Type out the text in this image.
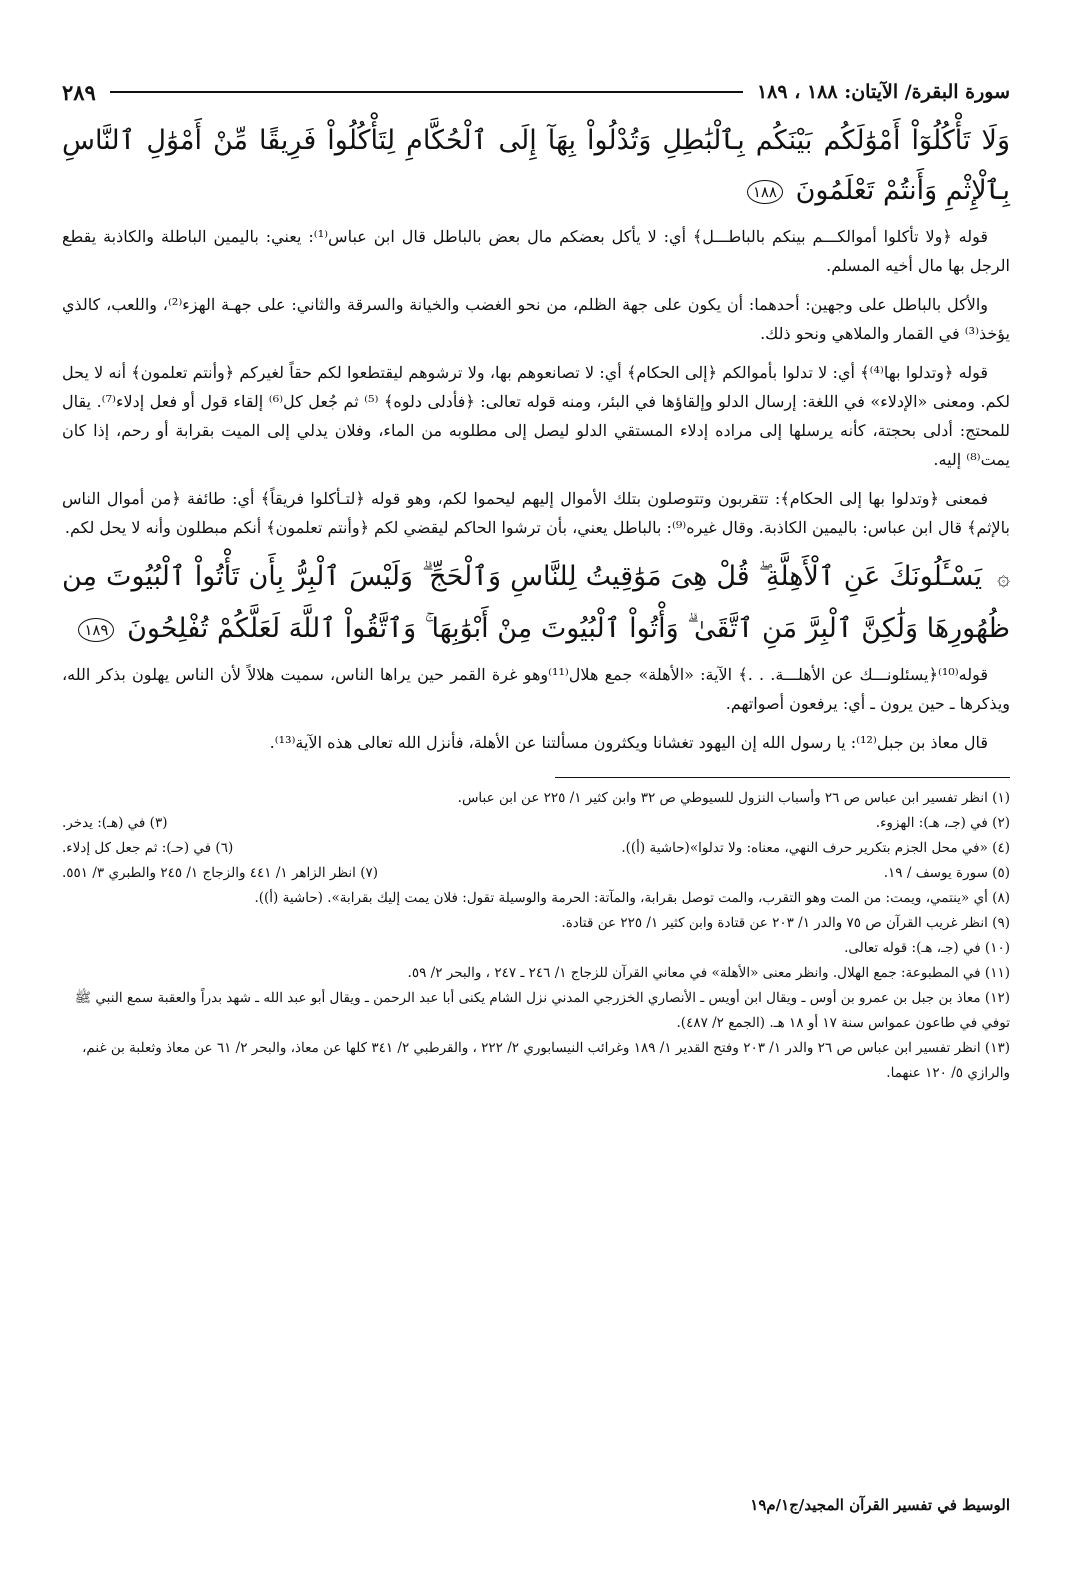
سورة البقرة/ الآيتان: ١٨٨ ، ١٨٩
٢٨٩
وَلَا تَأْكُلُوٓاْ أَمْوَٰلَكُم بَيْنَكُم بِٱلْبَٰطِلِ وَتُدْلُواْ بِهَآ إِلَى ٱلْحُكَّامِ لِتَأْكُلُواْ فَرِيقًا مِّنْ أَمْوَٰلِ ٱلنَّاسِ بِٱلْإِثْمِ وَأَنتُمْ تَعْلَمُونَ ١٨٨

قوله ﴿ولا تأكلوا أموالكـــم بينكم بالباطـــل﴾ أي: لا يأكل بعضكم مال بعض بالباطل قال ابن عباس⁽¹⁾: يعني: باليمين الباطلة والكاذبة يقطع الرجل بها مال أخيه المسلم.

والأكل بالباطل على وجهين: أحدهما: أن يكون على جهة الظلم، من نحو الغضب والخيانة والسرقة والثاني: على جهـة الهزء⁽²⁾، واللعب، كالذي يؤخذ⁽³⁾ في القمار والملاهي ونحو ذلك.

قوله ﴿وتدلوا بها⁽⁴⁾﴾ أي: لا تدلوا بأموالكم ﴿إلى الحكام﴾ أي: لا تصانعوهم بها، ولا ترشوهم ليقتطعوا لكم حقاً لغيركم ﴿وأنتم تعلمون﴾ أنه لا يحل لكم. ومعنى «الإدلاء» في اللغة: إرسال الدلو وإلقاؤها في البئر، ومنه قوله تعالى: ﴿فأدلى دلوه﴾ ⁽⁵⁾ ثم جُعل كل⁽⁶⁾ إلقاء قول أو فعل إدلاء⁽⁷⁾. يقال للمحتج: أدلى بحجتة، كأنه يرسلها إلى مراده إدلاء المستقي الدلو ليصل إلى مطلوبه من الماء، وفلان يدلي إلى الميت بقرابة أو رحم، إذا كان يمت⁽⁸⁾ إليه.

فمعنى ﴿وتدلوا بها إلى الحكام﴾: تتقربون وتتوصلون بتلك الأموال إليهم ليحموا لكم، وهو قوله ﴿لتـأكلوا فريقاً﴾ أي: طائفة ﴿من أموال الناس بالإثم﴾ قال ابن عباس: باليمين الكاذبة. وقال غيره⁽⁹⁾: بالباطل يعني، بأن ترشوا الحاكم ليقضي لكم ﴿وأنتم تعلمون﴾ أنكم مبطلون وأنه لا يحل لكم.

۞ يَسْـَٔلُونَكَ عَنِ ٱلْأَهِلَّةِ ۖ قُلْ هِىَ مَوَٰقِيتُ لِلنَّاسِ وَٱلْحَجِّ ۗ وَلَيْسَ ٱلْبِرُّ بِأَن تَأْتُواْ ٱلْبُيُوتَ مِن ظُهُورِهَا وَلَٰكِنَّ ٱلْبِرَّ مَنِ ٱتَّقَىٰ ۗ وَأْتُواْ ٱلْبُيُوتَ مِنْ أَبْوَٰبِهَا ۚ وَٱتَّقُواْ ٱللَّهَ لَعَلَّكُمْ تُفْلِحُونَ ١٨٩

قوله⁽¹⁰⁾﴿يسئلونـــك عن الأهلـــة. . .﴾ الآية: «الأهلة» جمع هلال⁽¹¹⁾وهو غرة القمر حين يراها الناس، سميت هلالاً لأن الناس يهلون بذكر الله، ويذكرها ـ حين يرون ـ أي: يرفعون أصواتهم.

قال معاذ بن جبل⁽¹²⁾: يا رسول الله إن اليهود تغشانا ويكثرون مسألتنا عن الأهلة، فأنزل الله تعالى هذه الآية⁽¹³⁾.

(١) انظر تفسير ابن عباس ص ٢٦ وأسباب النزول للسيوطي ص ٣٢ وابن كثير ١/ ٢٢٥ عن ابن عباس.

(٢) في (جـ، هـ): الهزوء.
(٣) في (هـ): يدخر.
(٤) «في محل الجزم بتكرير حرف النهي، معناه: ولا تدلوا»(حاشية (أ)).
(٦) في (حـ): ثم جعل كل إدلاء.
(٥) سورة يوسف / ١٩.
(٧) انظر الزاهر ١/ ٤٤١ والزجاج ١/ ٢٤٥ والطبري ٣/ ٥٥١.

(٨) أي «ينتمي، ويمت: من المت وهو التقرب، والمت توصل بقرابة، والمآتة: الحرمة والوسيلة تقول: فلان يمت إليك بقرابة». (حاشية (أ)).

(٩) انظر غريب القرآن ص ٧٥ والدر ١/ ٢٠٣ عن قتادة وابن كثير ١/ ٢٢٥ عن قتادة.

(١٠) في (جـ، هـ): قوله تعالى.

(١١) في المطبوعة: جمع الهلال. وانظر معنى «الأهلة» في معاني القرآن للزجاج ١/ ٢٤٦ ـ ٢٤٧ ، والبحر ٢/ ٥٩.

(١٢) معاذ بن جبل بن عمرو بن أوس ـ ويقال ابن أويس ـ الأنصاري الخزرجي المدني نزل الشام يكنى أبا عبد الرحمن ـ ويقال أبو عبد الله ـ شهد بدراً والعقبة سمع النبي ﷺ توفي في طاعون عمواس سنة ١٧ أو ١٨ هـ. (الجمع ٢/ ٤٨٧).

(١٣) انظر تفسير ابن عباس ص ٢٦ والدر ١/ ٢٠٣ وفتح القدير ١/ ١٨٩ وغرائب النيسابوري ٢/ ٢٢٢ ، والقرطبي ٢/ ٣٤١ كلها عن معاذ، والبحر ٢/ ٦١ عن معاذ وثعلبة بن غنم، والرازي ٥/ ١٢٠ عنهما.

الوسيط في تفسير القرآن المجيد/ج١/م١٩
